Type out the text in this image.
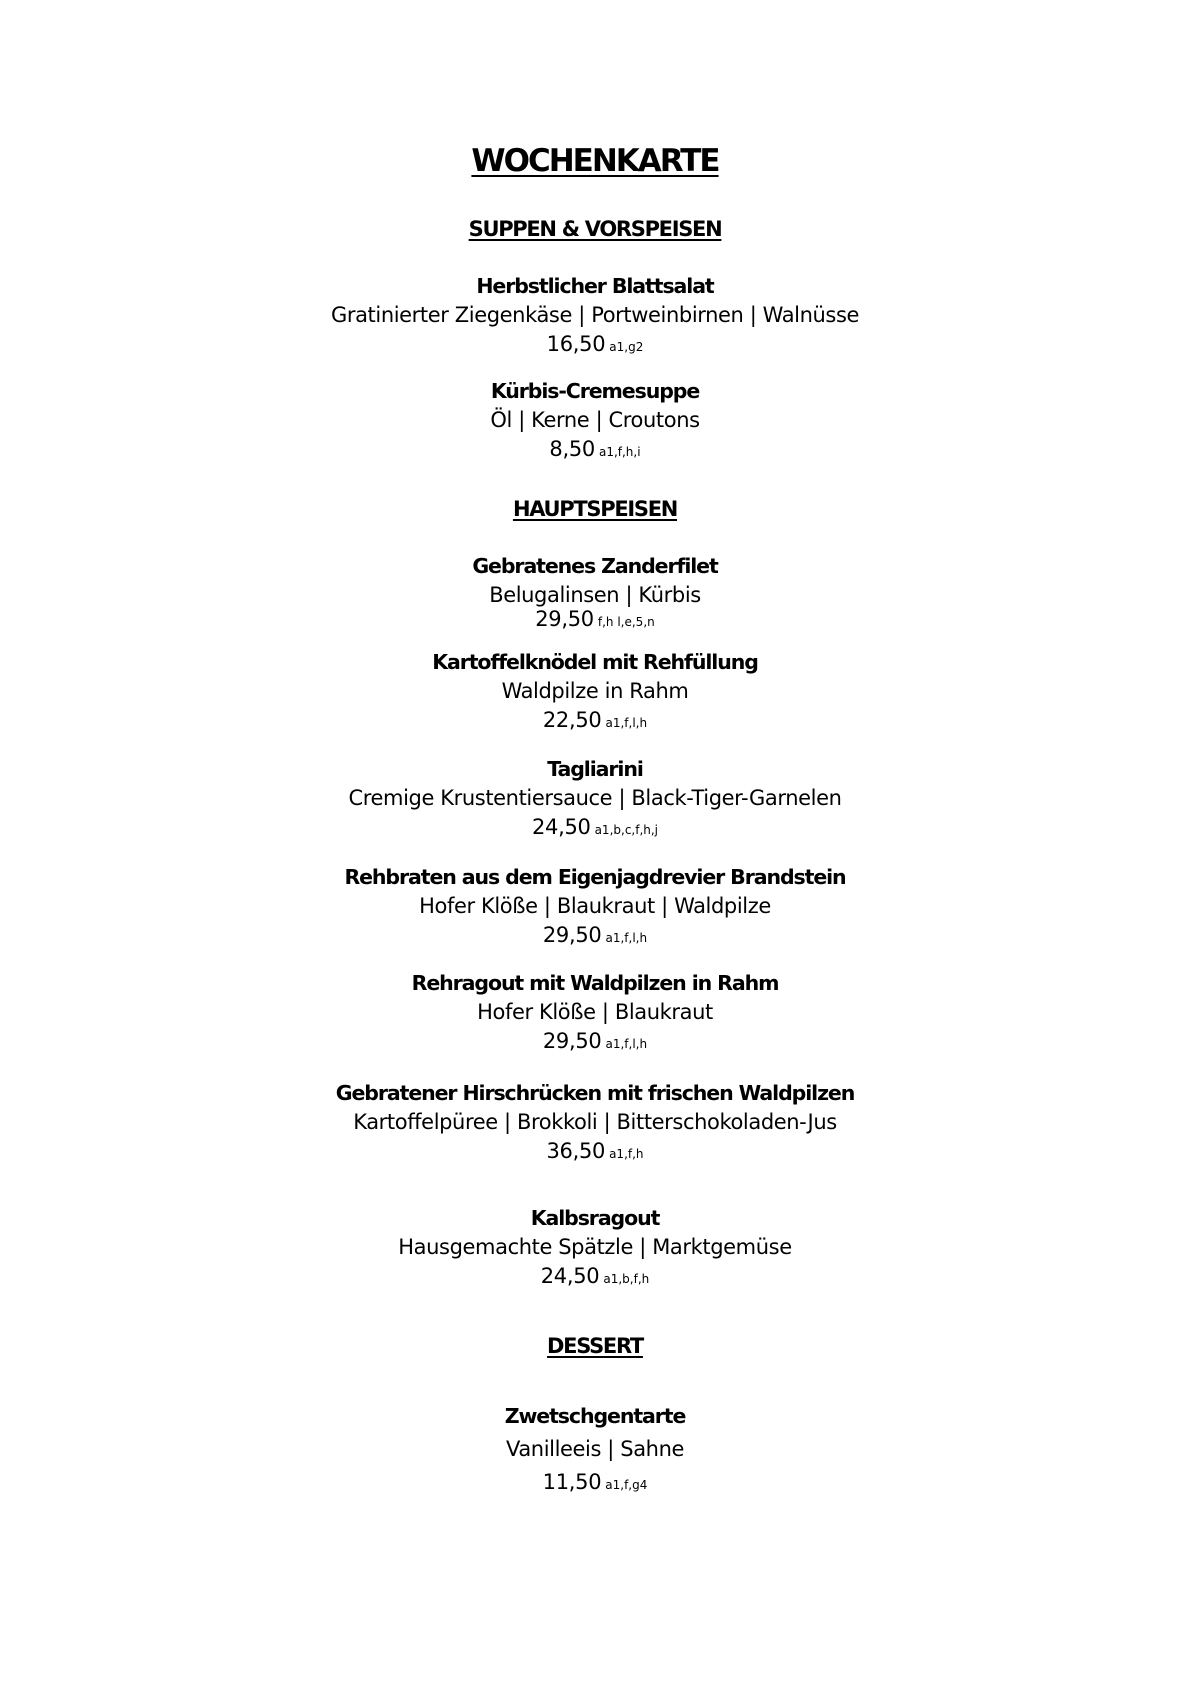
WOCHENKARTE
SUPPEN & VORSPEISEN
Herbstlicher Blattsalat
Gratinierter Ziegenkäse | Portweinbirnen | Walnüsse
16,50 a1,g2
Kürbis-Cremesuppe
Öl | Kerne | Croutons
8,50 a1,f,h,i
HAUPTSPEISEN
Gebratenes Zanderfilet
Belugalinsen | Kürbis
29,50 f,h l,e,5,n
Kartoffelknödel mit Rehfüllung
Waldpilze in Rahm
22,50 a1,f,l,h
Tagliarini
Cremige Krustentiersauce | Black-Tiger-Garnelen
24,50 a1,b,c,f,h,j
Rehbraten aus dem Eigenjagdrevier Brandstein
Hofer Klöße | Blaukraut | Waldpilze
29,50 a1,f,l,h
Rehragout mit Waldpilzen in Rahm
Hofer Klöße | Blaukraut
29,50 a1,f,l,h
Gebratener Hirschrücken mit frischen Waldpilzen
Kartoffelpüree | Brokkoli | Bitterschokoladen-Jus
36,50 a1,f,h
Kalbsragout
Hausgemachte Spätzle | Marktgemüse
24,50 a1,b,f,h
DESSERT
Zwetschgentarte
Vanilleeis | Sahne
11,50 a1,f,g4
